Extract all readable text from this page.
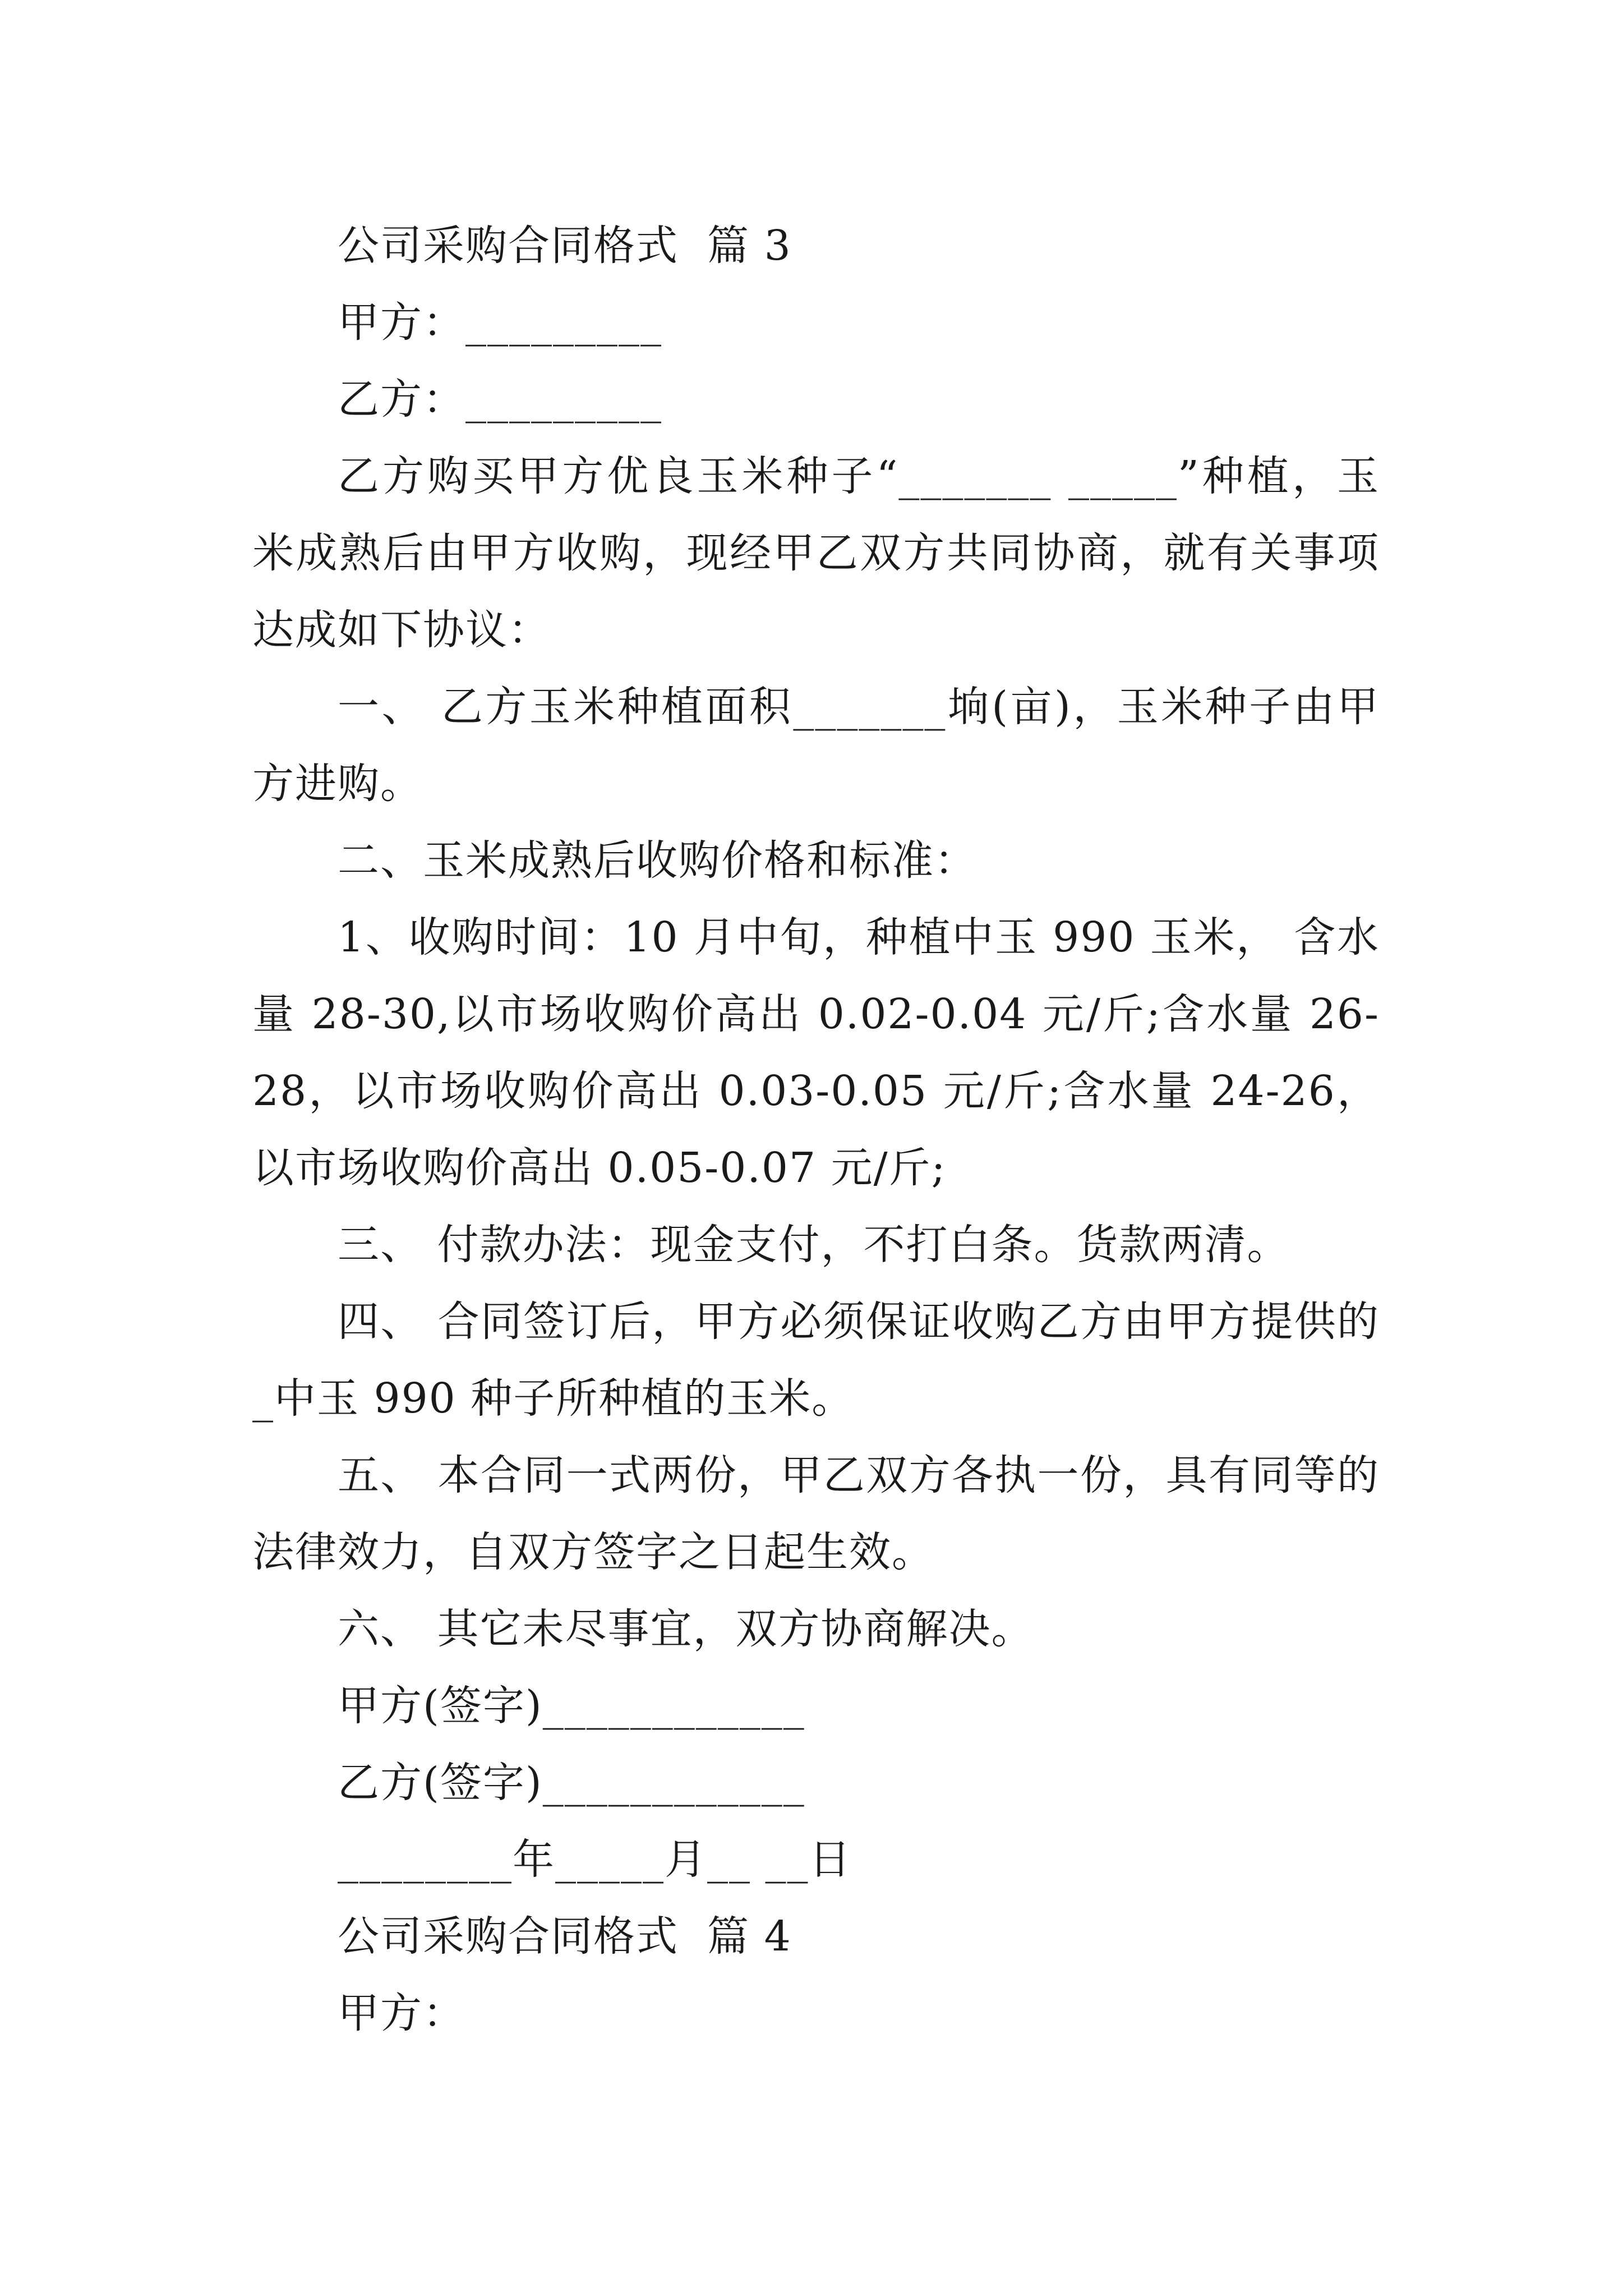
公司采购合同格式  篇 3

甲方：_________

乙方：_________

乙方购买甲方优良玉米种子“_______ _____”种植，玉米成熟后由甲方收购，现经甲乙双方共同协商，就有关事项达成如下协议：

一、 乙方玉米种植面积_______垧(亩)，玉米种子由甲方进购。

二、玉米成熟后收购价格和标准：

1、收购时间：10 月中旬，种植中玉 990 玉米， 含水量 28-30,以市场收购价高出 0.02-0.04 元/斤;含水量 26-28，以市场收购价高出 0.03-0.05 元/斤;含水量 24-26，以市场收购价高出 0.05-0.07 元/斤;

三、 付款办法：现金支付，不打白条。货款两清。

四、 合同签订后，甲方必须保证收购乙方由甲方提供的_中玉 990 种子所种植的玉米。

五、 本合同一式两份，甲乙双方各执一份，具有同等的法律效力，自双方签字之日起生效。

六、 其它未尽事宜，双方协商解决。

甲方(签字)____________

乙方(签字)____________

________年_____月__ __日

公司采购合同格式  篇 4

甲方：
